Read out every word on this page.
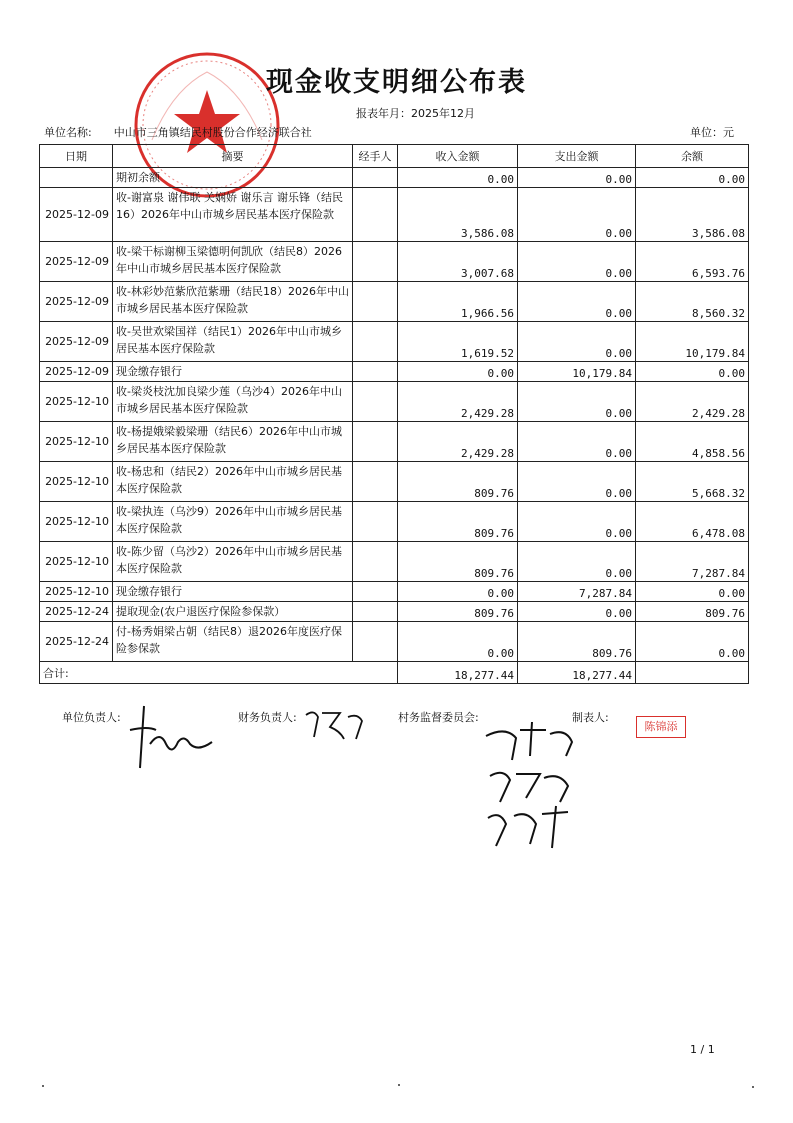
现金收支明细公布表
报表年月：2025年12月
单位名称: 中山市三角镇结民村股份合作经济联合社	单位：元
日期	摘要	经手人	收入金额	支出金额	余额
	期初余额		0.00	0.00	0.00
2025-12-09	收-谢富泉 谢伟联 关娴娇 谢乐言 谢乐锋（结民16）2026年中山市城乡居民基本医疗保险款		3,586.08	0.00	3,586.08
2025-12-09	收-梁干标谢柳玉梁德明何凯欣（结民8）2026年中山市城乡居民基本医疗保险款		3,007.68	0.00	6,593.76
2025-12-09	收-林彩妙范紫欣范紫珊（结民18）2026年中山市城乡居民基本医疗保险款		1,966.56	0.00	8,560.32
2025-12-09	收-吴世欢梁国祥（结民1）2026年中山市城乡居民基本医疗保险款		1,619.52	0.00	10,179.84
2025-12-09	现金缴存银行		0.00	10,179.84	0.00
2025-12-10	收-梁炎枝沈加良梁少莲（乌沙4）2026年中山市城乡居民基本医疗保险款		2,429.28	0.00	2,429.28
2025-12-10	收-杨提娥梁毅梁珊（结民6）2026年中山市城乡居民基本医疗保险款		2,429.28	0.00	4,858.56
2025-12-10	收-杨忠和（结民2）2026年中山市城乡居民基本医疗保险款		809.76	0.00	5,668.32
2025-12-10	收-梁执连（乌沙9）2026年中山市城乡居民基本医疗保险款		809.76	0.00	6,478.08
2025-12-10	收-陈少留（乌沙2）2026年中山市城乡居民基本医疗保险款		809.76	0.00	7,287.84
2025-12-10	现金缴存银行		0.00	7,287.84	0.00
2025-12-24	提取现金(农户退医疗保险参保款）		809.76	0.00	809.76
2025-12-24	付-杨秀娟梁占朝（结民8）退2026年度医疗保险参保款		0.00	809.76	0.00
合计:			18,277.44	18,277.44	
单位负责人:	财务负责人:	村务监督委员会:	制表人:
陈锦添
1 / 1
